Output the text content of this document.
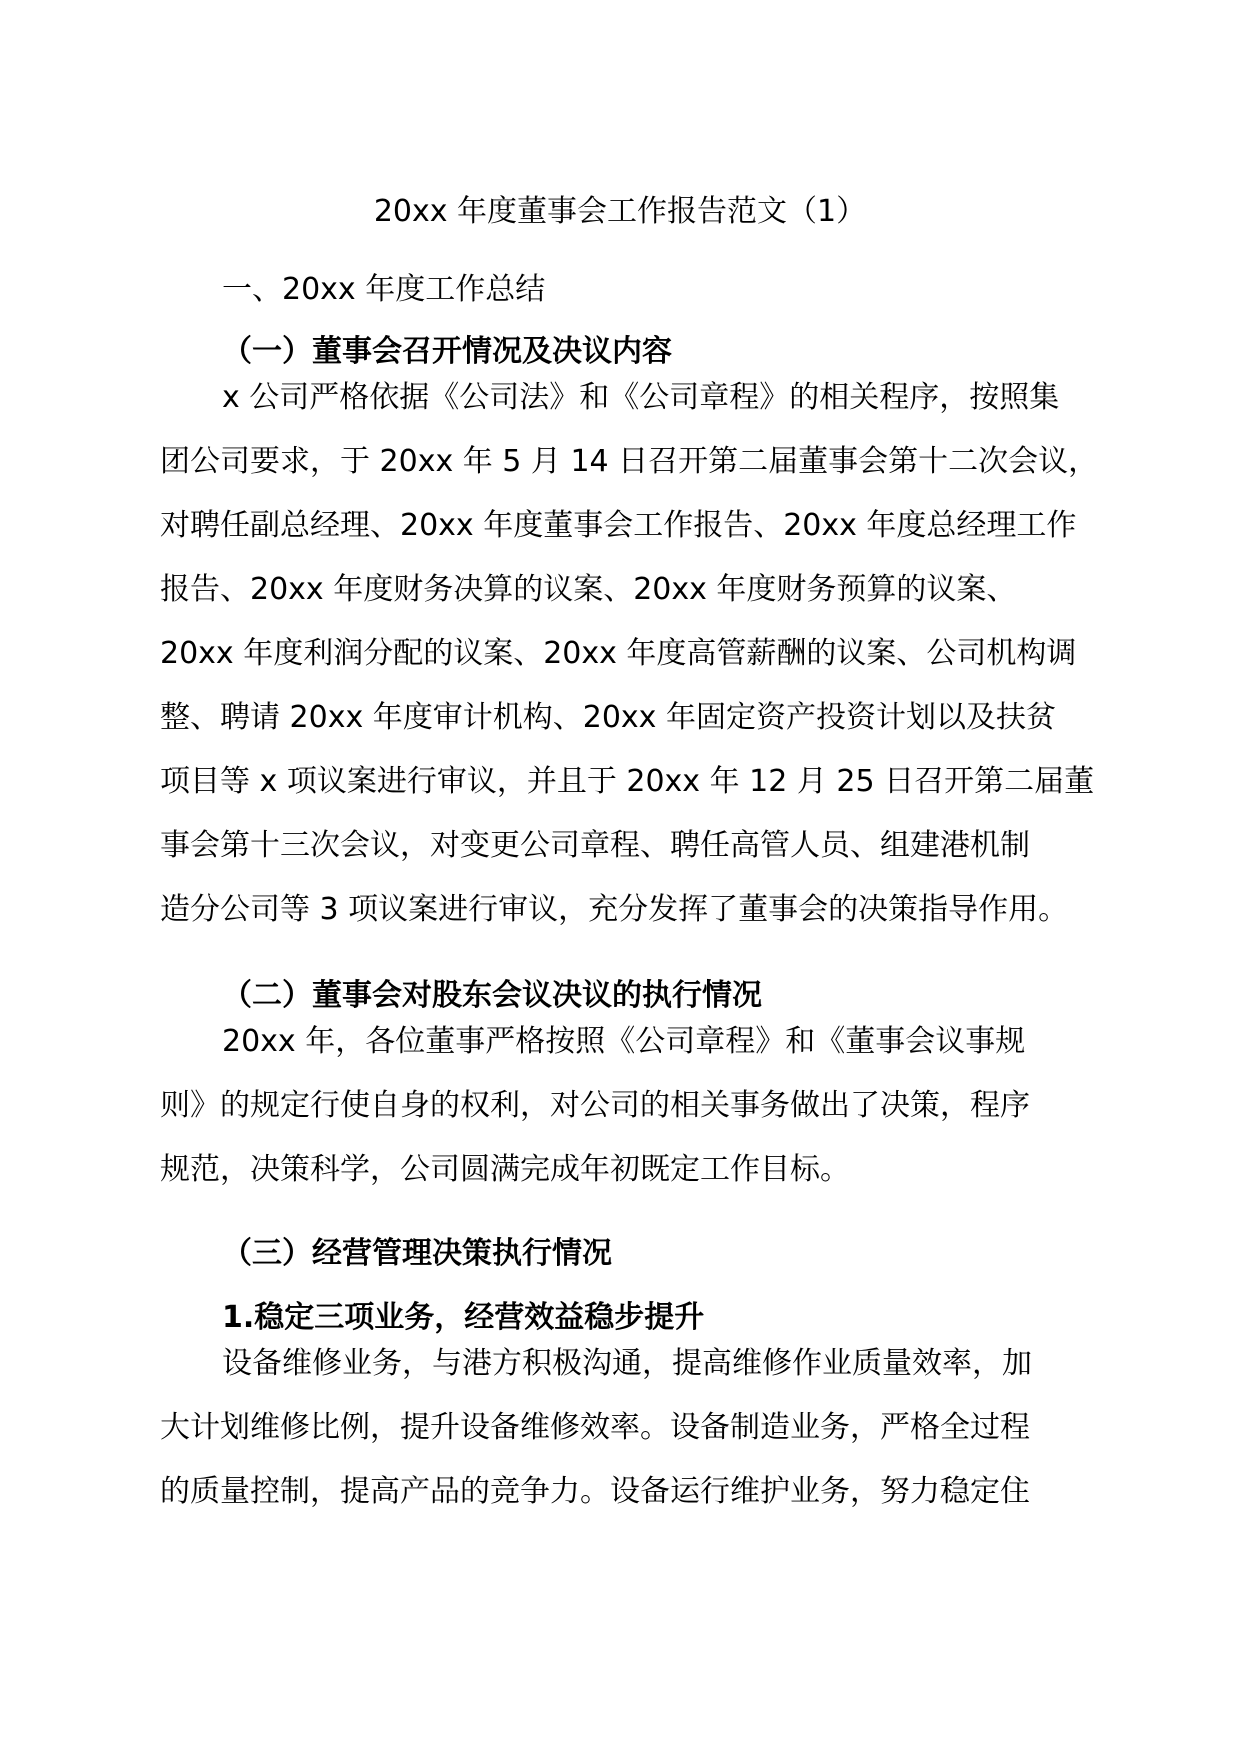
20xx 年度董事会工作报告范文（1）
一、20xx 年度工作总结
（一）董事会召开情况及决议内容
x 公司严格依据《公司法》和《公司章程》的相关程序，按照集
团公司要求，于 20xx 年 5 月 14 日召开第二届董事会第十二次会议，
对聘任副总经理、20xx 年度董事会工作报告、20xx 年度总经理工作
报告、20xx 年度财务决算的议案、20xx 年度财务预算的议案、
20xx 年度利润分配的议案、20xx 年度高管薪酬的议案、公司机构调
整、聘请 20xx 年度审计机构、20xx 年固定资产投资计划以及扶贫
项目等 x 项议案进行审议，并且于 20xx 年 12 月 25 日召开第二届董
事会第十三次会议，对变更公司章程、聘任高管人员、组建港机制
造分公司等 3 项议案进行审议，充分发挥了董事会的决策指导作用。
（二）董事会对股东会议决议的执行情况
20xx 年，各位董事严格按照《公司章程》和《董事会议事规
则》的规定行使自身的权利，对公司的相关事务做出了决策，程序
规范，决策科学，公司圆满完成年初既定工作目标。
（三）经营管理决策执行情况
1.稳定三项业务，经营效益稳步提升
设备维修业务，与港方积极沟通，提高维修作业质量效率，加
大计划维修比例，提升设备维修效率。设备制造业务，严格全过程
的质量控制，提高产品的竞争力。设备运行维护业务，努力稳定住
